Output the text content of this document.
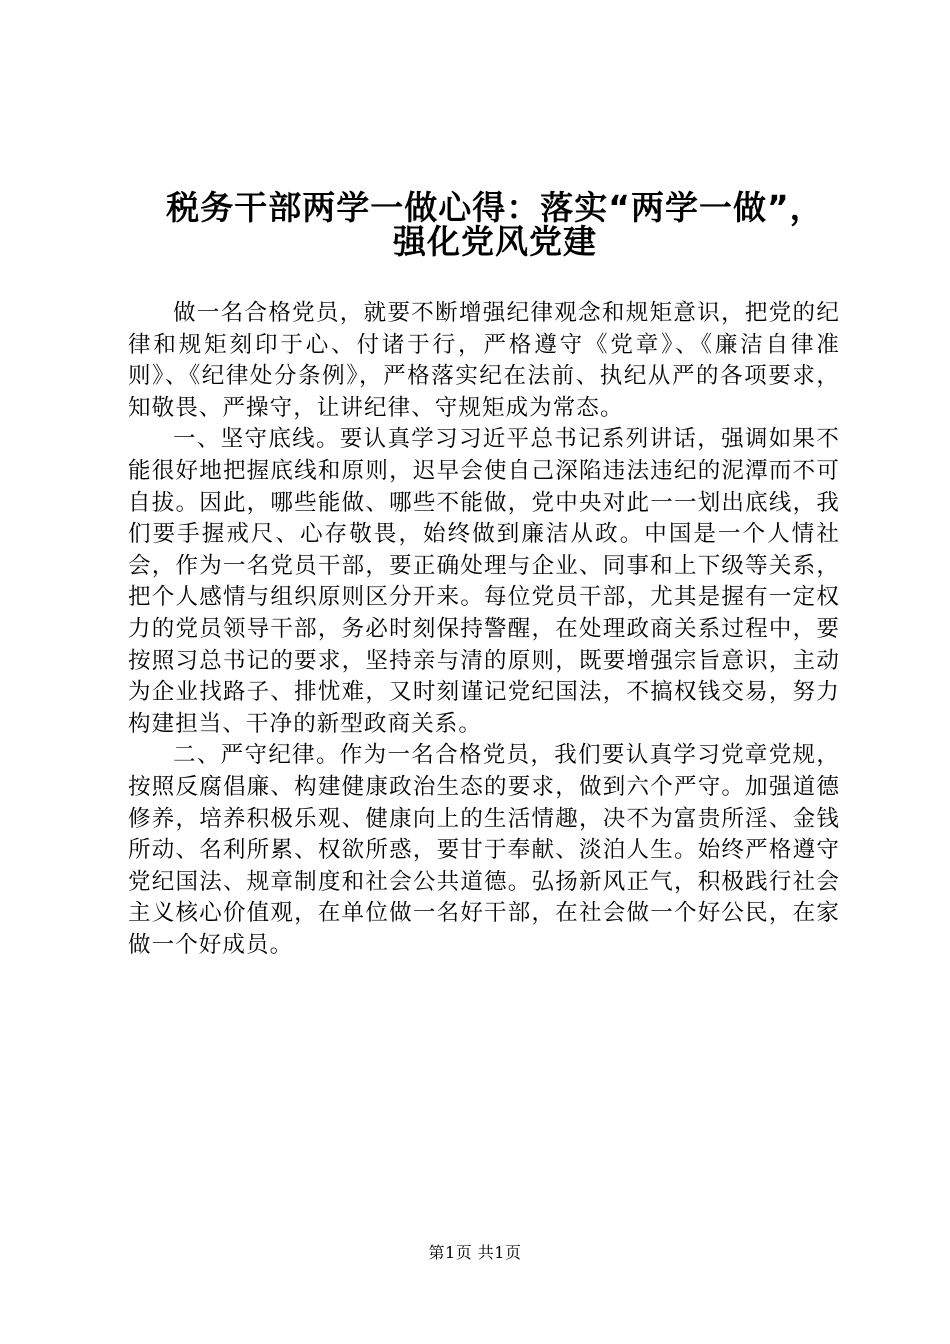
税务干部两学一做心得：落实“两学一做”，
强化党风党建

做一名合格党员，就要不断增强纪律观念和规矩意识，把党的纪律和规矩刻印于心、付诸于行，严格遵守《党章》、《廉洁自律准则》、《纪律处分条例》，严格落实纪在法前、执纪从严的各项要求，知敬畏、严操守，让讲纪律、守规矩成为常态。

一、坚守底线。要认真学习习近平总书记系列讲话，强调如果不能很好地把握底线和原则，迟早会使自己深陷违法违纪的泥潭而不可自拔。因此，哪些能做、哪些不能做，党中央对此一一划出底线，我们要手握戒尺、心存敬畏，始终做到廉洁从政。中国是一个人情社会，作为一名党员干部，要正确处理与企业、同事和上下级等关系，把个人感情与组织原则区分开来。每位党员干部，尤其是握有一定权力的党员领导干部，务必时刻保持警醒，在处理政商关系过程中，要按照习总书记的要求，坚持亲与清的原则，既要增强宗旨意识，主动为企业找路子、排忧难，又时刻谨记党纪国法，不搞权钱交易，努力构建担当、干净的新型政商关系。

二、严守纪律。作为一名合格党员，我们要认真学习党章党规，按照反腐倡廉、构建健康政治生态的要求，做到六个严守。加强道德修养，培养积极乐观、健康向上的生活情趣，决不为富贵所淫、金钱所动、名利所累、权欲所惑，要甘于奉献、淡泊人生。始终严格遵守党纪国法、规章制度和社会公共道德。弘扬新风正气，积极践行社会主义核心价值观，在单位做一名好干部，在社会做一个好公民，在家做一个好成员。

第1页 共1页
